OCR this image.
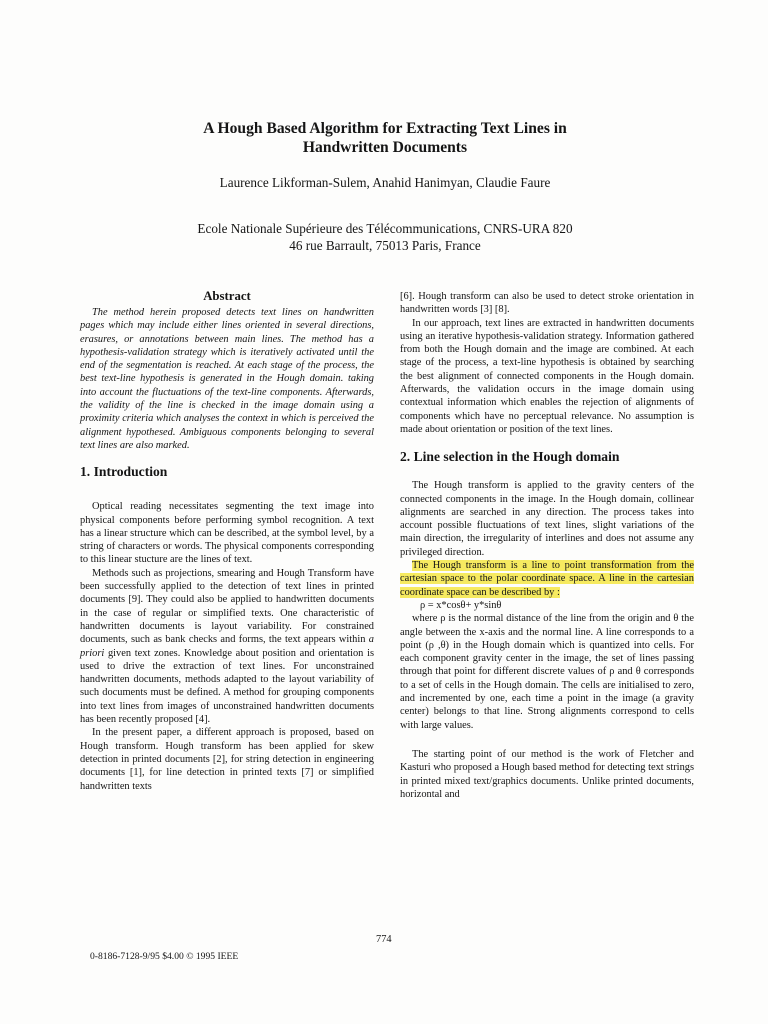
A Hough Based Algorithm for Extracting Text Lines in
Handwritten Documents
Laurence Likforman-Sulem, Anahid Hanimyan, Claudie Faure
Ecole Nationale Supérieure des Télécommunications, CNRS-URA 820
46 rue Barrault, 75013 Paris, France
Abstract

The method herein proposed detects text lines on handwritten pages which may include either lines oriented in several directions, erasures, or annotations between main lines. The method has a hypothesis-validation strategy which is iteratively activated until the end of the segmentation is reached. At each stage of the process, the best text-line hypothesis is generated in the Hough domain. taking into account the fluctuations of the text-line components. Afterwards, the validity of the line is checked in the image domain using a proximity criteria which analyses the context in which is perceived the alignment hypothesed. Ambiguous components belonging to several text lines are also marked.

1. Introduction

Optical reading necessitates segmenting the text image into physical components before performing symbol recognition. A text has a linear structure which can be described, at the symbol level, by a string of characters or words. The physical components corresponding to this linear stucture are the lines of text.

Methods such as projections, smearing and Hough Transform have been successfully applied to the detection of text lines in printed documents [9]. They could also be applied to handwritten documents in the case of regular or simplified texts. One characteristic of handwritten documents is layout variability. For constrained documents, such as bank checks and forms, the text appears within a priori given text zones. Knowledge about position and orientation is used to drive the extraction of text lines. For unconstrained handwritten documents, methods adapted to the layout variability of such documents must be defined. A method for grouping components into text lines from images of unconstrained handwritten documents has been recently proposed [4].

In the present paper, a different approach is proposed, based on Hough transform. Hough transform has been applied for skew detection in printed documents [2], for string detection in engineering documents [1], for line detection in printed texts [7] or simplified handwritten texts

[6]. Hough transform can also be used to detect stroke orientation in handwritten words [3] [8].

In our approach, text lines are extracted in handwritten documents using an iterative hypothesis-validation strategy. Information gathered from both the Hough domain and the image are combined. At each stage of the process, a text-line hypothesis is obtained by searching the best alignment of connected components in the Hough domain. Afterwards, the validation occurs in the image domain using contextual information which enables the rejection of alignments of components which have no perceptual relevance. No assumption is made about orientation or position of the text lines.

2. Line selection in the Hough domain

The Hough transform is applied to the gravity centers of the connected components in the image. In the Hough domain, collinear alignments are searched in any direction. The process takes into account possible fluctuations of text lines, slight variations of the main direction, the irregularity of interlines and does not assume any privileged direction.

The Hough transform is a line to point transformation from the cartesian space to the polar coordinate space. A line in the cartesian coordinate space can be described by :

ρ = x*cosθ+ y*sinθ

where ρ is the normal distance of the line from the origin and θ the angle between the x-axis and the normal line. A line corresponds to a point (ρ ,θ) in the Hough domain which is quantized into cells. For each component gravity center in the image, the set of lines passing through that point for different discrete values of ρ and θ corresponds to a set of cells in the Hough domain. The cells are initialised to zero, and incremented by one, each time a point in the image (a gravity center) belongs to that line. Strong alignments correspond to cells with large values.

The starting point of our method is the work of Fletcher and Kasturi who proposed a Hough based method for detecting text strings in printed mixed text/graphics documents. Unlike printed documents, horizontal and

774
0-8186-7128-9/95 $4.00 © 1995 IEEE
